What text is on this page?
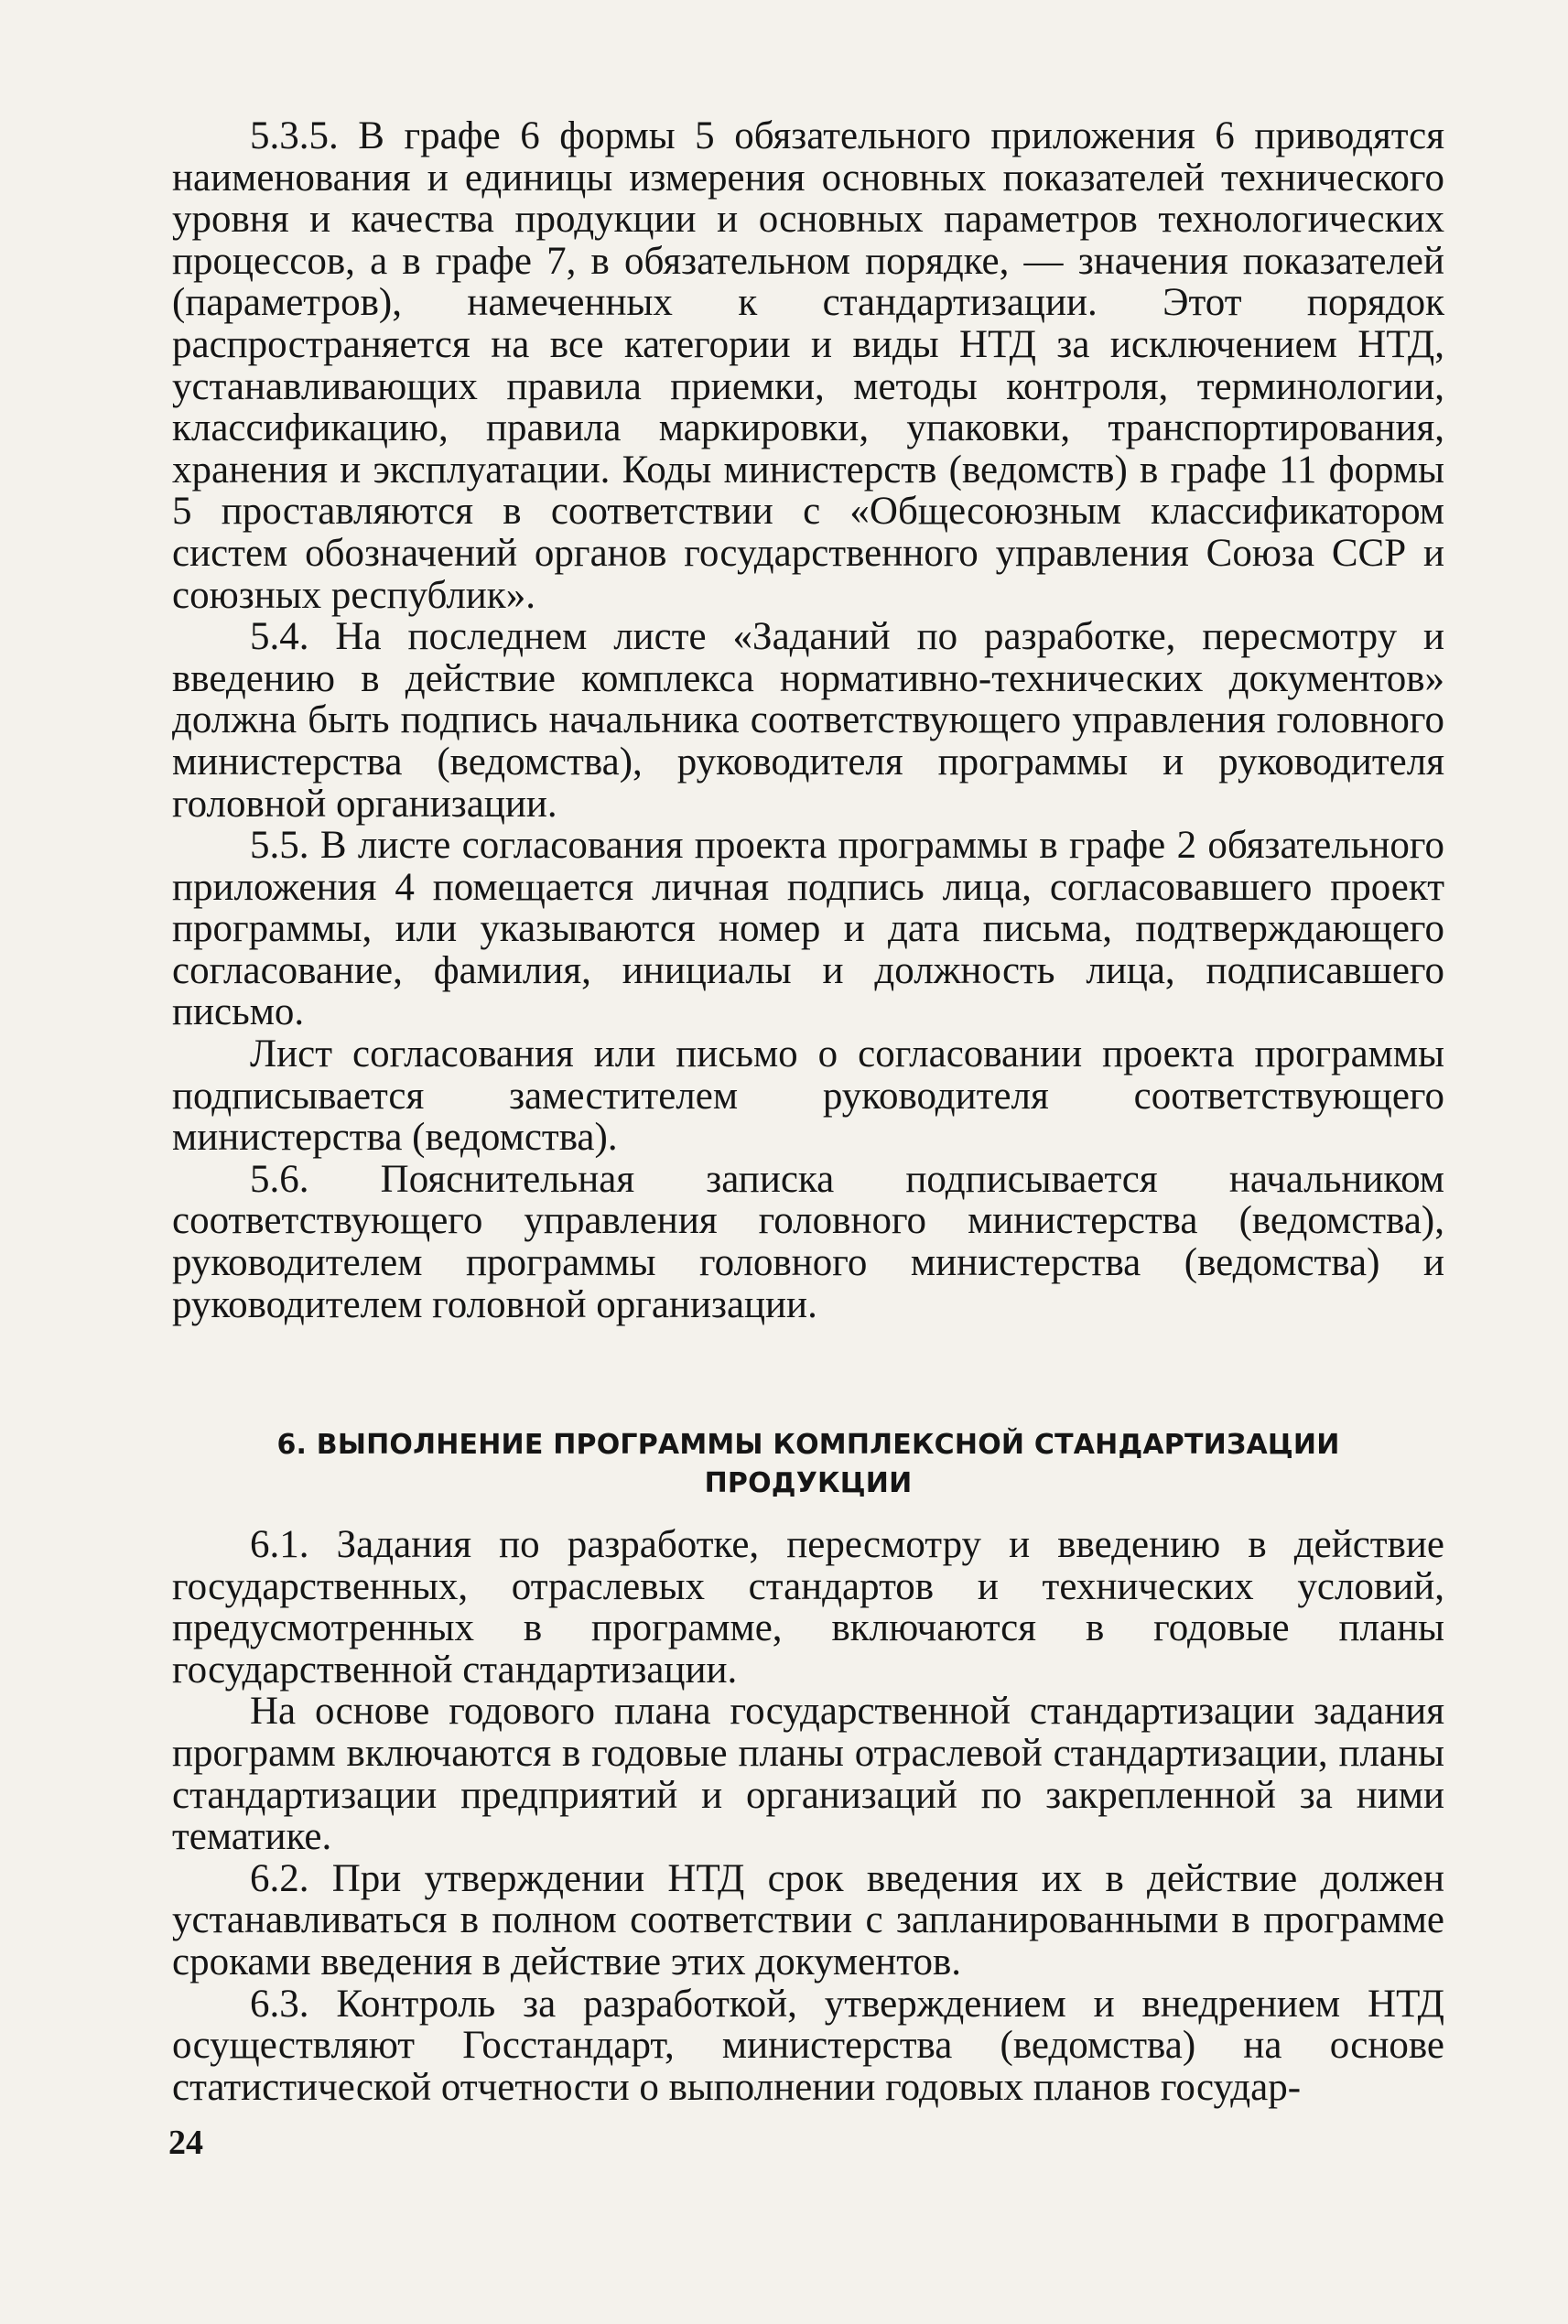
5.3.5. В графе 6 формы 5 обязательного приложения 6 приводятся наименования и единицы измерения основных показателей технического уровня и качества продукции и основных параметров технологических процессов, а в графе 7, в обязательном порядке, — значения показателей (параметров), намеченных к стандартизации. Этот порядок распространяется на все категории и виды НТД за исключением НТД, устанавливающих правила приемки, методы контроля, терминологии, классификацию, правила маркировки, упаковки, транспортирования, хранения и эксплуатации. Коды министерств (ведомств) в графе 11 формы 5 проставляются в соответствии с «Общесоюзным классификатором систем обозначений органов государственного управления Союза ССР и союзных республик».

5.4. На последнем листе «Заданий по разработке, пересмотру и введению в действие комплекса нормативно-технических документов» должна быть подпись начальника соответствующего управления головного министерства (ведомства), руководителя программы и руководителя головной организации.

5.5. В листе согласования проекта программы в графе 2 обязательного приложения 4 помещается личная подпись лица, согласовавшего проект программы, или указываются номер и дата письма, подтверждающего согласование, фамилия, инициалы и должность лица, подписавшего письмо.

Лист согласования или письмо о согласовании проекта программы подписывается заместителем руководителя соответствующего министерства (ведомства).

5.6. Пояснительная записка подписывается начальником соответствующего управления головного министерства (ведомства), руководителем программы головного министерства (ведомства) и руководителем головной организации.

6. ВЫПОЛНЕНИЕ ПРОГРАММЫ КОМПЛЕКСНОЙ СТАНДАРТИЗАЦИИ
ПРОДУКЦИИ

6.1. Задания по разработке, пересмотру и введению в действие государственных, отраслевых стандартов и технических условий, предусмотренных в программе, включаются в годовые планы государственной стандартизации.

На основе годового плана государственной стандартизации задания программ включаются в годовые планы отраслевой стандартизации, планы стандартизации предприятий и организаций по закрепленной за ними тематике.

6.2. При утверждении НТД срок введения их в действие должен устанавливаться в полном соответствии с запланированными в программе сроками введения в действие этих документов.

6.3. Контроль за разработкой, утверждением и внедрением НТД осуществляют Госстандарт, министерства (ведомства) на основе статистической отчетности о выполнении годовых планов государ-

24
